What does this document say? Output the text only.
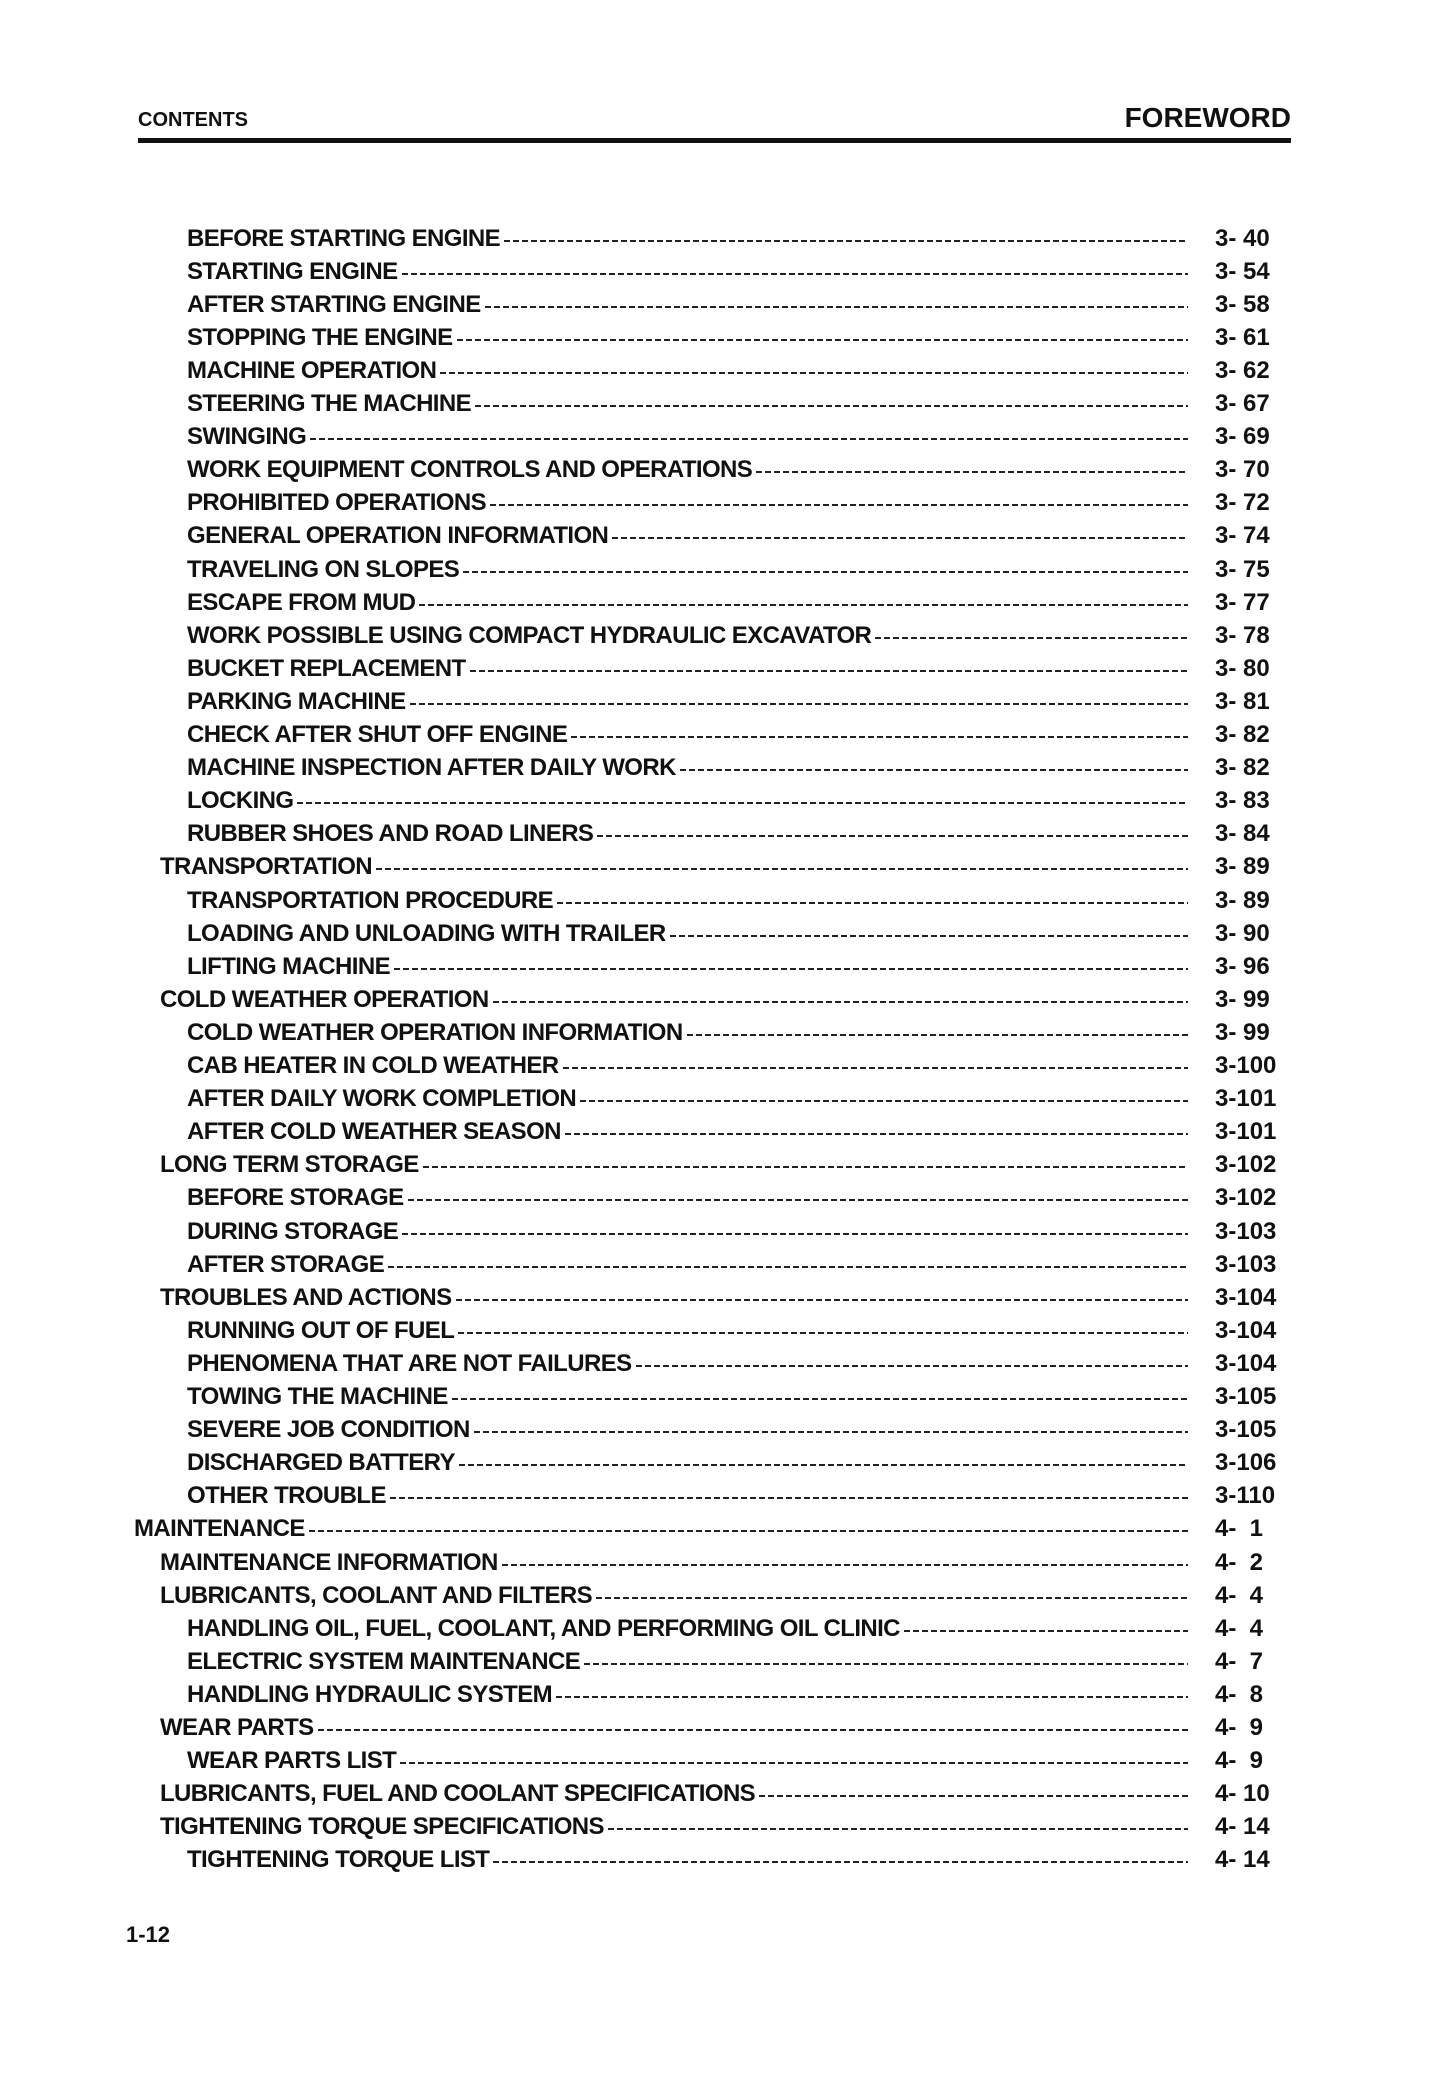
CONTENTS	FOREWORD
BEFORE STARTING ENGINE	3- 40
STARTING ENGINE	3- 54
AFTER STARTING ENGINE	3- 58
STOPPING THE ENGINE	3- 61
MACHINE OPERATION	3- 62
STEERING THE MACHINE	3- 67
SWINGING	3- 69
WORK EQUIPMENT CONTROLS AND OPERATIONS	3- 70
PROHIBITED OPERATIONS	3- 72
GENERAL OPERATION INFORMATION	3- 74
TRAVELING ON SLOPES	3- 75
ESCAPE FROM MUD	3- 77
WORK POSSIBLE USING COMPACT HYDRAULIC EXCAVATOR	3- 78
BUCKET REPLACEMENT	3- 80
PARKING MACHINE	3- 81
CHECK AFTER SHUT OFF ENGINE	3- 82
MACHINE INSPECTION AFTER DAILY WORK	3- 82
LOCKING	3- 83
RUBBER SHOES AND ROAD LINERS	3- 84
TRANSPORTATION	3- 89
TRANSPORTATION PROCEDURE	3- 89
LOADING AND UNLOADING WITH TRAILER	3- 90
LIFTING MACHINE	3- 96
COLD WEATHER OPERATION	3- 99
COLD WEATHER OPERATION INFORMATION	3- 99
CAB HEATER IN COLD WEATHER	3-100
AFTER DAILY WORK COMPLETION	3-101
AFTER COLD WEATHER SEASON	3-101
LONG TERM STORAGE	3-102
BEFORE STORAGE	3-102
DURING STORAGE	3-103
AFTER STORAGE	3-103
TROUBLES AND ACTIONS	3-104
RUNNING OUT OF FUEL	3-104
PHENOMENA THAT ARE NOT FAILURES	3-104
TOWING THE MACHINE	3-105
SEVERE JOB CONDITION	3-105
DISCHARGED BATTERY	3-106
OTHER TROUBLE	3-110
MAINTENANCE	4-  1
MAINTENANCE INFORMATION	4-  2
LUBRICANTS, COOLANT AND FILTERS	4-  4
HANDLING OIL, FUEL, COOLANT, AND PERFORMING OIL CLINIC	4-  4
ELECTRIC SYSTEM MAINTENANCE	4-  7
HANDLING HYDRAULIC SYSTEM	4-  8
WEAR PARTS	4-  9
WEAR PARTS LIST	4-  9
LUBRICANTS, FUEL AND COOLANT SPECIFICATIONS	4- 10
TIGHTENING TORQUE SPECIFICATIONS	4- 14
TIGHTENING TORQUE LIST	4- 14
1-12
